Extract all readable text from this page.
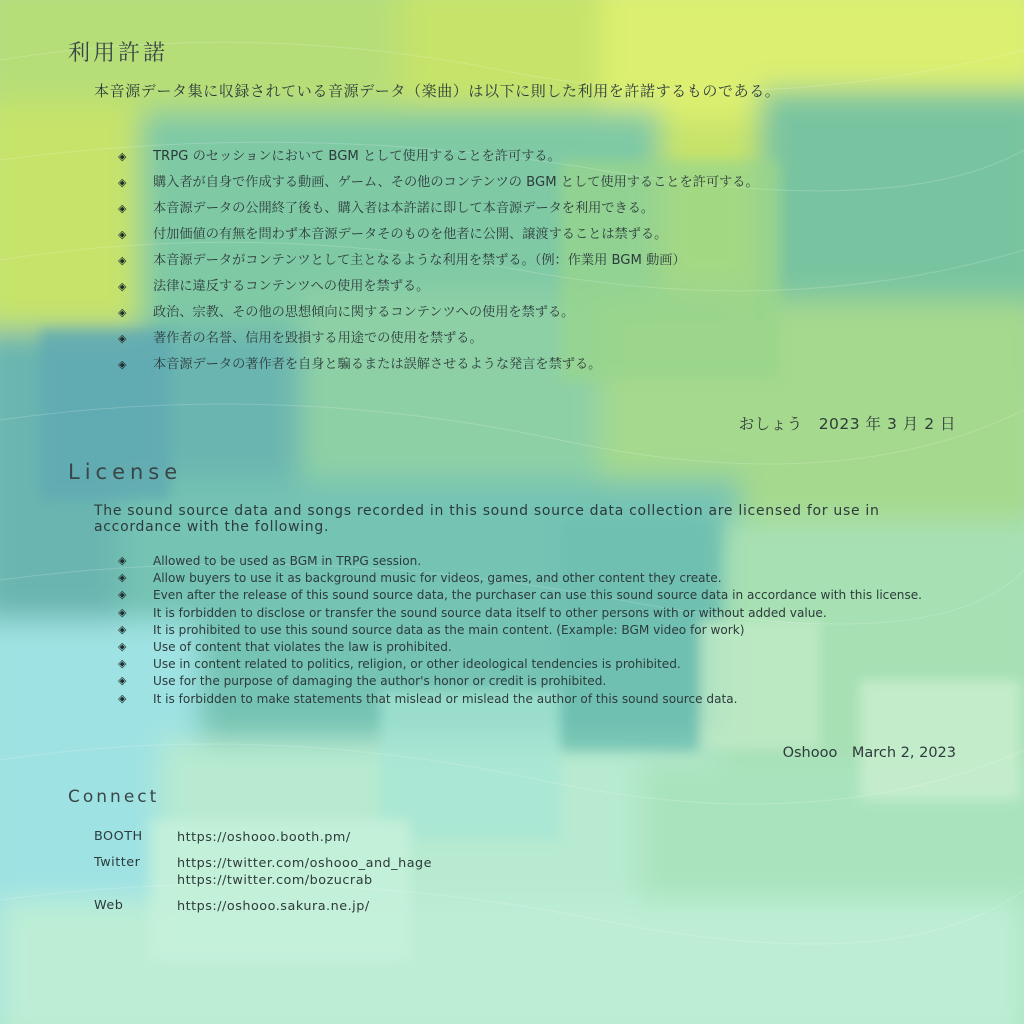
利用許諾
本音源データ集に収録されている音源データ（楽曲）は以下に則した利用を許諾するものである。
◈ TRPG のセッションにおいて BGM として使用することを許可する。
◈ 購入者が自身で作成する動画、ゲーム、その他のコンテンツの BGM として使用することを許可する。
◈ 本音源データの公開終了後も、購入者は本許諾に即して本音源データを利用できる。
◈ 付加価値の有無を問わず本音源データそのものを他者に公開、譲渡することは禁ずる。
◈ 本音源データがコンテンツとして主となるような利用を禁ずる。（例：作業用 BGM 動画）
◈ 法律に違反するコンテンツへの使用を禁ずる。
◈ 政治、宗教、その他の思想傾向に関するコンテンツへの使用を禁ずる。
◈ 著作者の名誉、信用を毀損する用途での使用を禁ずる。
◈ 本音源データの著作者を自身と騙るまたは誤解させるような発言を禁ずる。
おしょう　2023 年 3 月 2 日
License
The sound source data and songs recorded in this sound source data collection are licensed for use in accordance with the following.
◈	Allowed to be used as BGM in TRPG session.
◈	Allow buyers to use it as background music for videos, games, and other content they create.
◈	Even after the release of this sound source data, the purchaser can use this sound source data in accordance with this license.
◈	It is forbidden to disclose or transfer the sound source data itself to other persons with or without added value.
◈	It is prohibited to use this sound source data as the main content. (Example: BGM video for work)
◈	Use of content that violates the law is prohibited.
◈	Use in content related to politics, religion, or other ideological tendencies is prohibited.
◈	Use for the purpose of damaging the author's honor or credit is prohibited.
◈	It is forbidden to make statements that mislead or mislead the author of this sound source data.
Oshooo　March 2, 2023
Connect
BOOTH	https://oshooo.booth.pm/
Twitter	https://twitter.com/oshooo_and_hage
https://twitter.com/bozucrab
Web	https://oshooo.sakura.ne.jp/
